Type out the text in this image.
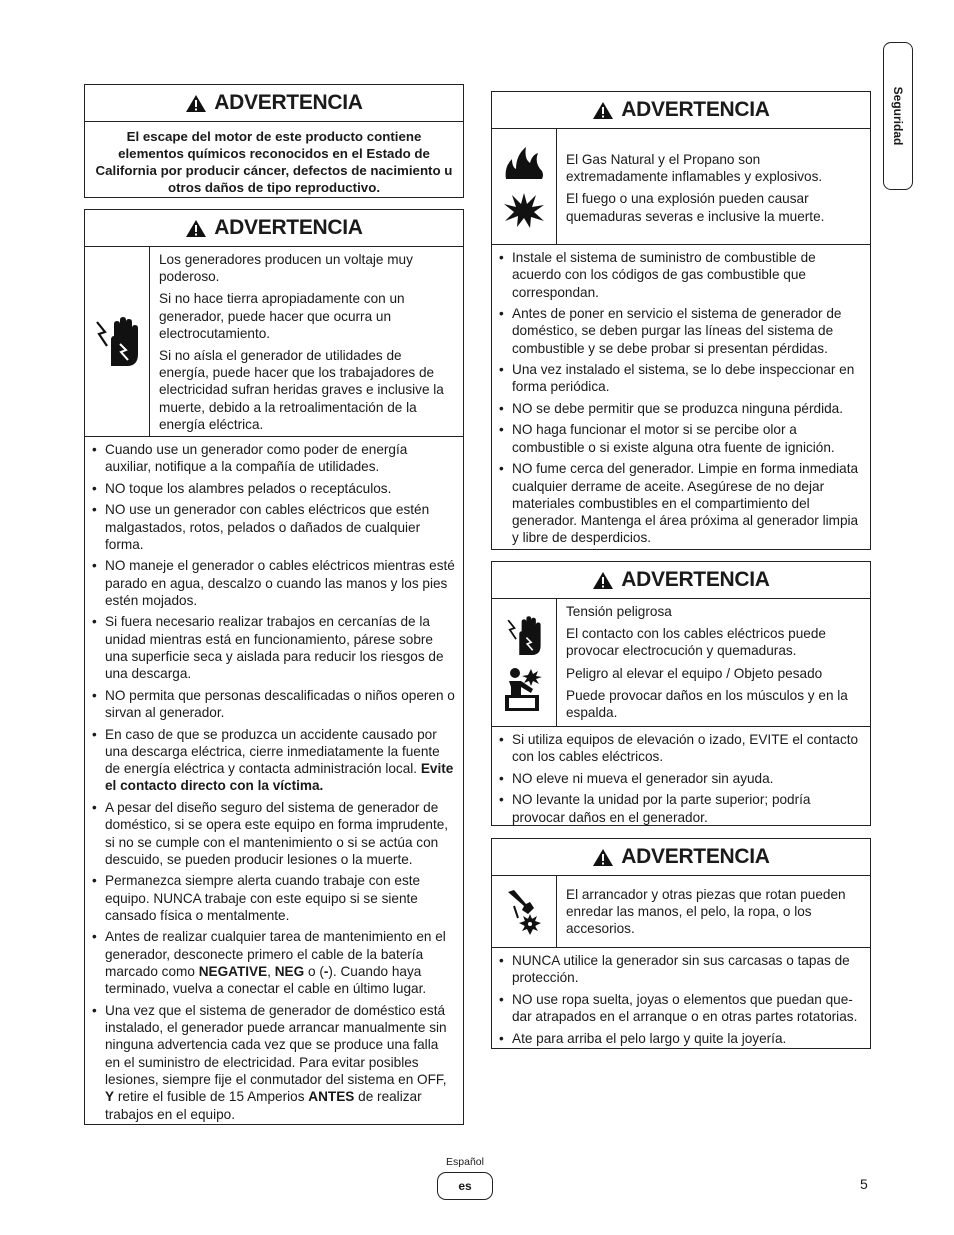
Seguridad
ADVERTENCIA
El escape del motor de este producto contiene elementos químicos reconocidos en el Estado de California por producir cáncer, defectos de nacimiento u otros daños de tipo reproductivo.
ADVERTENCIA

Los generadores producen un voltaje muy poderoso.

Si no hace tierra apropiadamente con un generador, puede hacer que ocurra un electrocutamiento.

Si no aísla el generador de utilidades de energía, puede hacer que los trabajadores de electricidad sufran heridas graves e inclusive la muerte, debido a la retroalimentación de la energía eléctrica.

• Cuando use un generador como poder de energía auxiliar, notifique a la compañía de utilidades.
• NO toque los alambres pelados o receptáculos.
• NO use un generador con cables eléctricos que estén malgastados, rotos, pelados o dañados de cualquier forma.
• NO maneje el generador o cables eléctricos mientras esté parado en agua, descalzo o cuando las manos y los pies estén mojados.
• Si fuera necesario realizar trabajos en cercanías de la unidad mientras está en funcionamiento, párese sobre una superficie seca y aislada para reducir los riesgos de una descarga.
• NO permita que personas descalificadas o niños operen o sirvan al generador.
• En caso de que se produzca un accidente causado por una descarga eléctrica, cierre inmediatamente la fuente de energía eléctrica y contacta administración local. Evite el contacto directo con la víctima.
• A pesar del diseño seguro del sistema de generador de doméstico, si se opera este equipo en forma imprudente, si no se cumple con el mantenimiento o si se actúa con descuido, se pueden producir lesiones o la muerte.
• Permanezca siempre alerta cuando trabaje con este equipo. NUNCA trabaje con este equipo si se siente cansado física o mentalmente.
• Antes de realizar cualquier tarea de mantenimiento en el generador, desconecte primero el cable de la batería marcado como NEGATIVE, NEG o (-). Cuando haya terminado, vuelva a conectar el cable en último lugar.
• Una vez que el sistema de generador de doméstico está instalado, el generador puede arrancar manualmente sin ninguna advertencia cada vez que se produce una falla en el suministro de electricidad. Para evitar posibles lesiones, siempre fije el conmutador del sistema en OFF, Y retire el fusible de 15 Amperios ANTES de realizar trabajos en el equipo.
ADVERTENCIA

El Gas Natural y el Propano son extremadamente inflamables y explosivos.

El fuego o una explosión pueden causar quemaduras severas e inclusive la muerte.

• Instale el sistema de suministro de combustible de acuerdo con los códigos de gas combustible que correspondan.
• Antes de poner en servicio el sistema de generador de doméstico, se deben purgar las líneas del sistema de combustible y se debe probar si presentan pérdidas.
• Una vez instalado el sistema, se lo debe inspeccionar en forma periódica.
• NO se debe permitir que se produzca ninguna pérdida.
• NO haga funcionar el motor si se percibe olor a combustible o si existe alguna otra fuente de ignición.
• NO fume cerca del generador. Limpie en forma inmediata cualquier derrame de aceite. Asegúrese de no dejar materiales combustibles en el compartimiento del generador. Mantenga el área próxima al generador limpia y libre de desperdicios.
ADVERTENCIA

Tensión peligrosa

El contacto con los cables eléctricos puede provocar electrocución y quemaduras.

Peligro al elevar el equipo / Objeto pesado

Puede provocar daños en los músculos y en la espalda.

• Si utiliza equipos de elevación o izado, EVITE el contacto con los cables eléctricos.
• NO eleve ni mueva el generador sin ayuda.
• NO levante la unidad por la parte superior; podría provocar daños en el generador.
ADVERTENCIA

El arrancador y otras piezas que rotan pueden enredar las manos, el pelo, la ropa, o los accesorios.

• NUNCA utilice la generador sin sus carcasas o tapas de protección.
• NO use ropa suelta, joyas o elementos que puedan que-dar atrapados en el arranque o en otras partes rotatorias.
• Ate para arriba el pelo largo y quite la joyería.
Español
es	5
